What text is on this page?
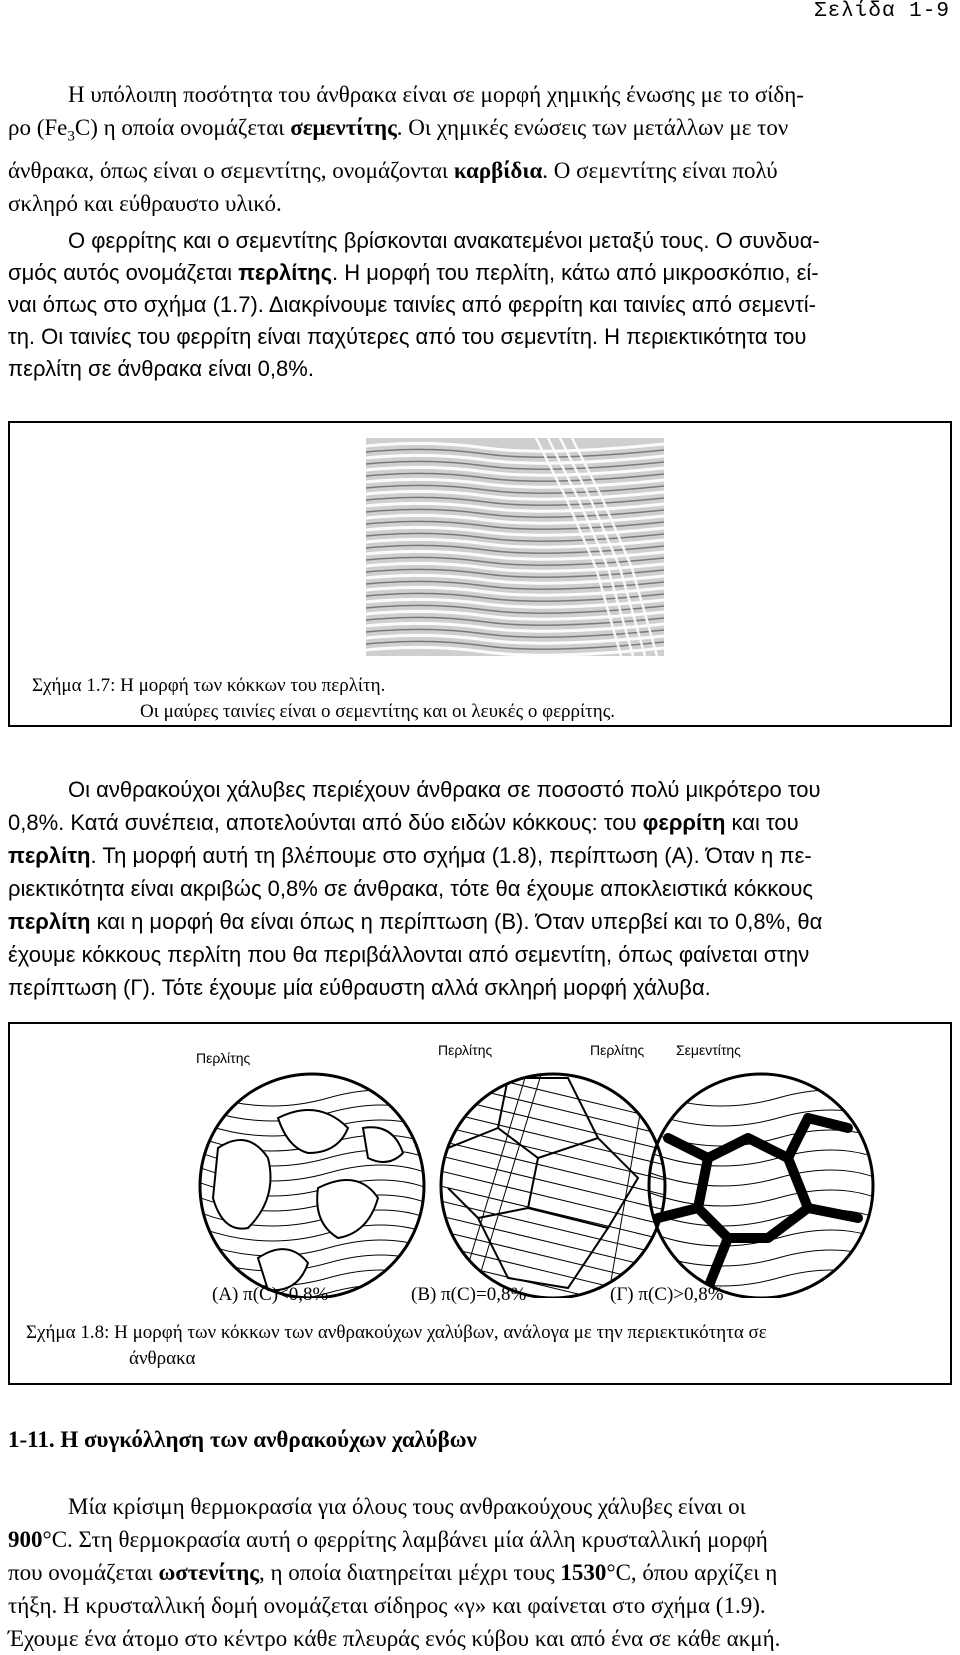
Σελίδα 1-9
Η υπόλοιπη ποσότητα του άνθρακα είναι σε μορφή χημικής ένωσης με το σίδη-
ρο $(Fe_3C)$ η οποία ονομάζεται σεμεντίτης. Οι χημικές ενώσεις των μετάλλων με τον
άνθρακα, όπως είναι ο σεμεντίτης, ονομάζονται καρβίδια. Ο σεμεντίτης είναι πολύ
σκληρό και εύθραυστο υλικό.
Ο φερρίτης και ο σεμεντίτης βρίσκονται ανακατεμένοι μεταξύ τους. Ο συνδυα-
σμός αυτός ονομάζεται περλίτης. Η μορφή του περλίτη, κάτω από μικροσκόπιο, εί-
ναι όπως στο σχήμα (1.7). Διακρίνουμε ταινίες από φερρίτη και ταινίες από σεμεντί-
τη. Οι ταινίες του φερρίτη είναι παχύτερες από του σεμεντίτη. Η περιεκτικότητα του
περλίτη σε άνθρακα είναι 0,8%.
Σχήμα 1.7: Η μορφή των κόκκων του περλίτη.
Οι μαύρες ταινίες είναι ο σεμεντίτης και οι λευκές ο φερρίτης.
Οι ανθρακούχοι χάλυβες περιέχουν άνθρακα σε ποσοστό πολύ μικρότερο του
0,8%. Κατά συνέπεια, αποτελούνται από δύο ειδών κόκκους: του φερρίτη και του
περλίτη. Τη μορφή αυτή τη βλέπουμε στο σχήμα (1.8), περίπτωση (Α). Όταν η πε-
ριεκτικότητα είναι ακριβώς 0,8% σε άνθρακα, τότε θα έχουμε αποκλειστικά κόκκους
περλίτη και η μορφή θα είναι όπως η περίπτωση (Β). Όταν υπερβεί και το 0,8%, θα
έχουμε κόκκους περλίτη που θα περιβάλλονται από σεμεντίτη, όπως φαίνεται στην
περίπτωση (Γ). Τότε έχουμε μία εύθραυστη αλλά σκληρή μορφή χάλυβα.
Περλίτης	Περλίτης	Περλίτης Σεμεντίτης
(Α) π(C)<0,8%	(Β) π(C)=0,8%	(Γ) π(C)>0,8%
Σχήμα 1.8: Η μορφή των κόκκων των ανθρακούχων χαλύβων, ανάλογα με την περιεκτικότητα σε
άνθρακα
1-11. Η συγκόλληση των ανθρακούχων χαλύβων
Μία κρίσιμη θερμοκρασία για όλους τους ανθρακούχους χάλυβες είναι οι
900°C. Στη θερμοκρασία αυτή ο φερρίτης λαμβάνει μία άλλη κρυσταλλική μορφή
που ονομάζεται ωστενίτης, η οποία διατηρείται μέχρι τους 1530°C, όπου αρχίζει η
τήξη. Η κρυσταλλική δομή ονομάζεται σίδηρος «γ» και φαίνεται στο σχήμα (1.9).
Έχουμε ένα άτομο στο κέντρο κάθε πλευράς ενός κύβου και από ένα σε κάθε ακμή.
